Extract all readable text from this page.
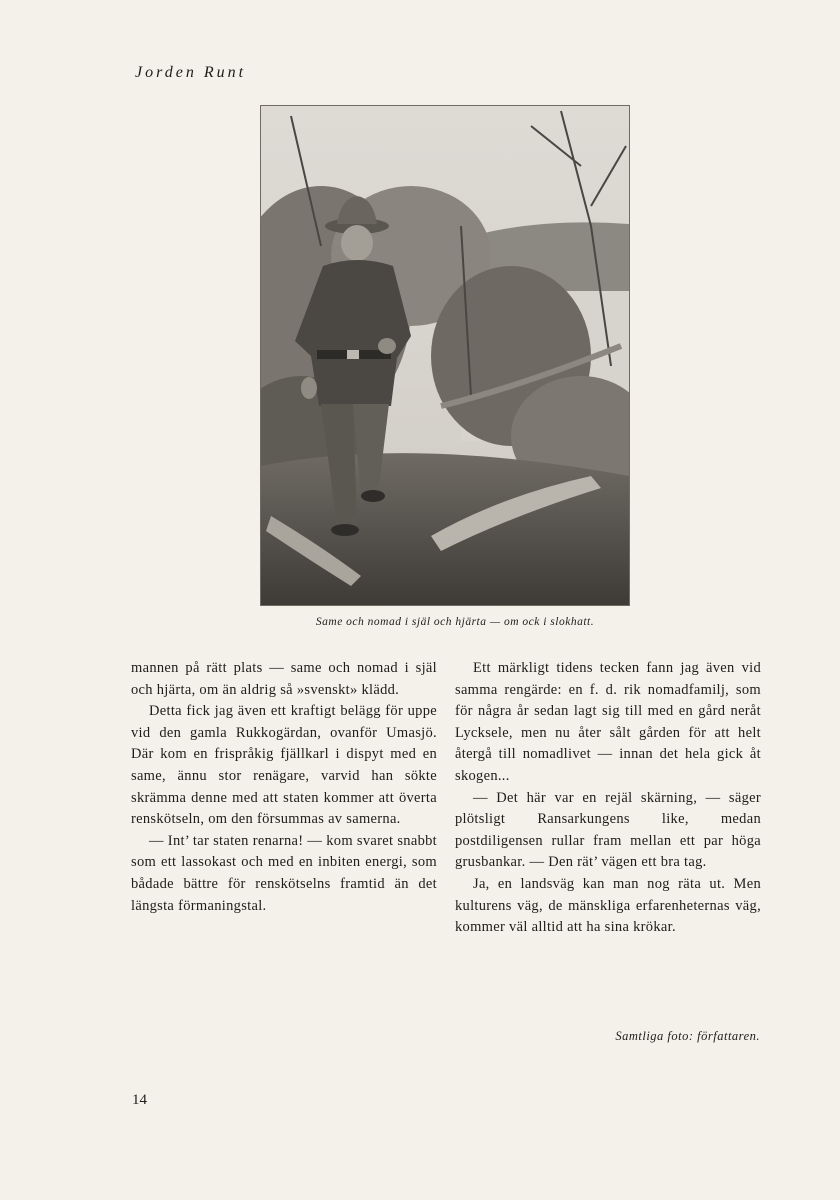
Jorden Runt
Same och nomad i själ och hjärta — om ock i slokhatt.

mannen på rätt plats — same och nomad i själ och hjärta, om än aldrig så »svenskt» klädd.

Detta fick jag även ett kraftigt belägg för uppe vid den gamla Rukkogärdan, ovanför Umasjö. Där kom en frispråkig fjällkarl i dispyt med en same, ännu stor renägare, varvid han sökte skrämma denne med att staten kommer att överta renskötseln, om den försummas av samerna.

— Int’ tar staten renarna! — kom svaret snabbt som ett lassokast och med en inbiten energi, som bådade bättre för renskötselns framtid än det längsta förmaningstal.

Ett märkligt tidens tecken fann jag även vid samma rengärde: en f. d. rik nomadfamilj, som för några år sedan lagt sig till med en gård neråt Lycksele, men nu åter sålt gården för att helt återgå till nomadlivet — innan det hela gick åt skogen...

— Det här var en rejäl skärning, — säger plötsligt Ransarkungens like, medan postdiligensen rullar fram mellan ett par höga grusbankar. — Den rät’ vägen ett bra tag.

Ja, en landsväg kan man nog räta ut. Men kulturens väg, de mänskliga erfarenheternas väg, kommer väl alltid att ha sina krökar.

Samtliga foto: författaren.
14
